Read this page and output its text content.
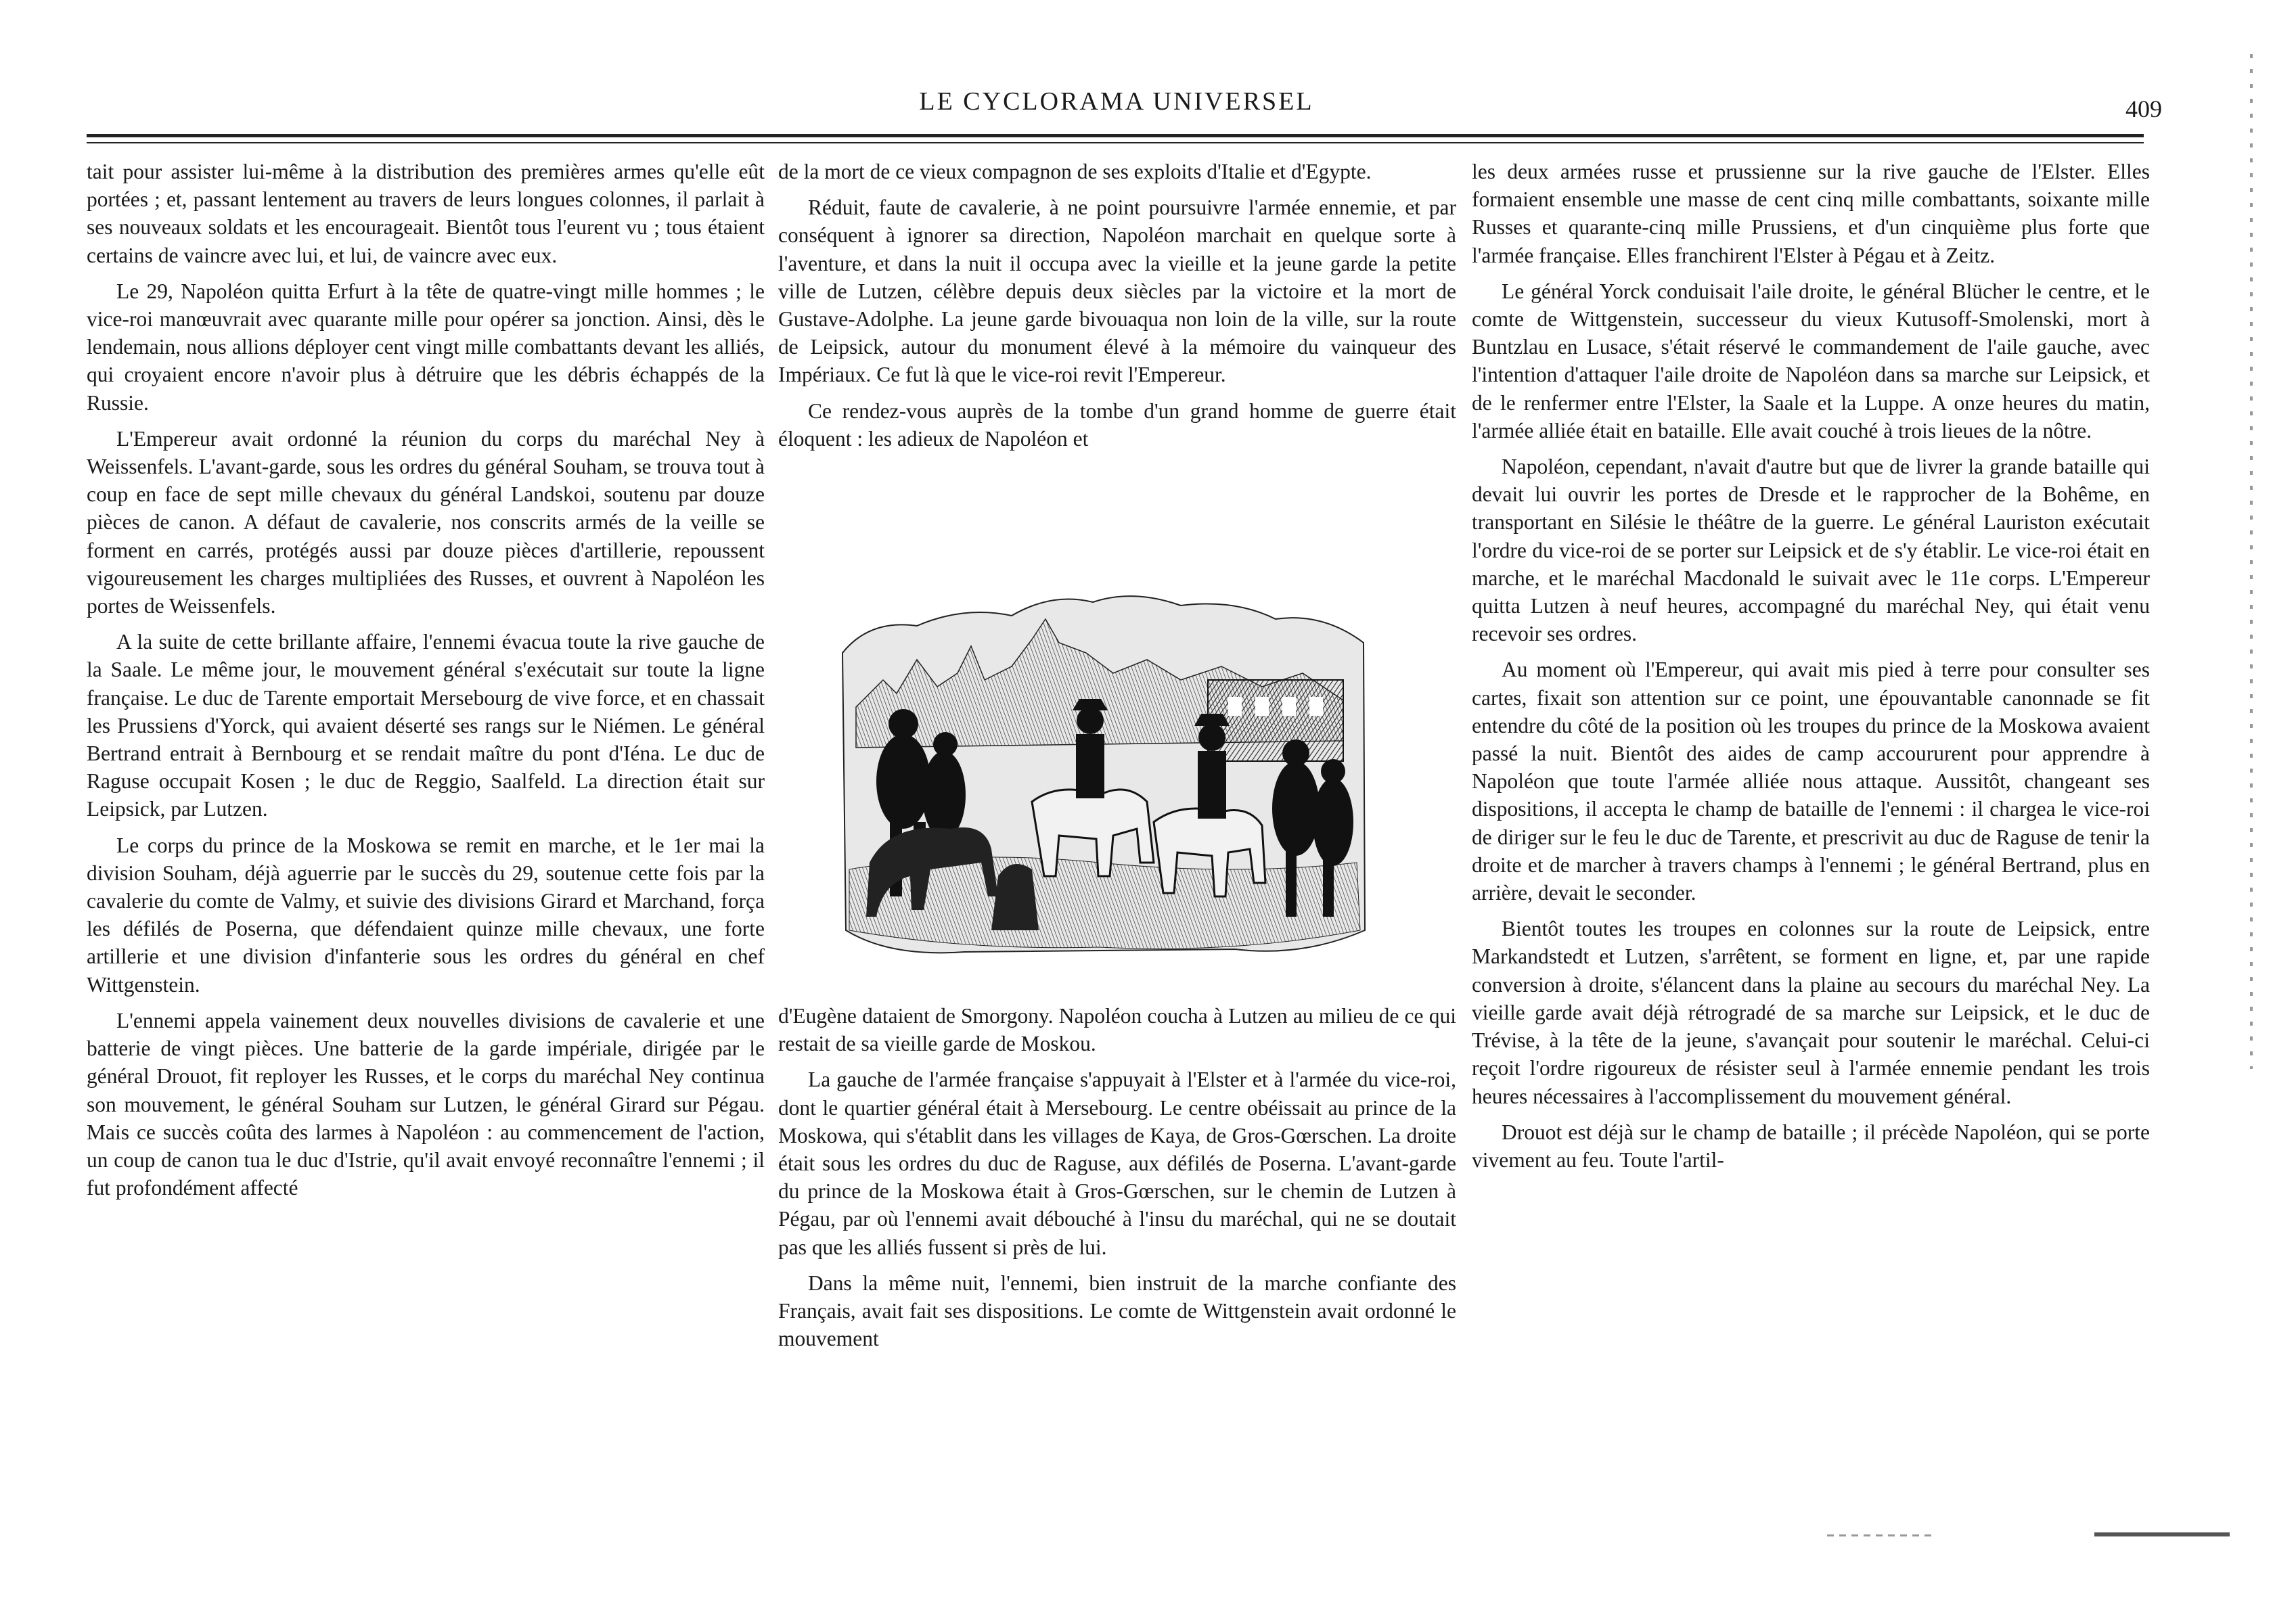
LE CYCLORAMA UNIVERSEL	409

tait pour assister lui-même à la distribution des premières armes qu'elle eût portées ; et, passant lentement au travers de leurs longues colonnes, il parlait à ses nouveaux soldats et les encourageait. Bientôt tous l'eurent vu ; tous étaient certains de vaincre avec lui, et lui, de vaincre avec eux.

Le 29, Napoléon quitta Erfurt à la tête de quatre-vingt mille hommes ; le vice-roi manœuvrait avec quarante mille pour opérer sa jonction. Ainsi, dès le lendemain, nous allions déployer cent vingt mille combattants devant les alliés, qui croyaient encore n'avoir plus à détruire que les débris échappés de la Russie.

L'Empereur avait ordonné la réunion du corps du maréchal Ney à Weissenfels. L'avant-garde, sous les ordres du général Souham, se trouva tout à coup en face de sept mille chevaux du général Landskoi, soutenu par douze pièces de canon. A défaut de cavalerie, nos conscrits armés de la veille se forment en carrés, protégés aussi par douze pièces d'artillerie, repoussent vigoureusement les charges multipliées des Russes, et ouvrent à Napoléon les portes de Weissenfels.

A la suite de cette brillante affaire, l'ennemi évacua toute la rive gauche de la Saale. Le même jour, le mouvement général s'exécutait sur toute la ligne française. Le duc de Tarente emportait Mersebourg de vive force, et en chassait les Prussiens d'Yorck, qui avaient déserté ses rangs sur le Niémen. Le général Bertrand entrait à Bernbourg et se rendait maître du pont d'Iéna. Le duc de Raguse occupait Kosen ; le duc de Reggio, Saalfeld. La direction était sur Leipsick, par Lutzen.

Le corps du prince de la Moskowa se remit en marche, et le 1er mai la division Souham, déjà aguerrie par le succès du 29, soutenue cette fois par la cavalerie du comte de Valmy, et suivie des divisions Girard et Marchand, força les défilés de Poserna, que défendaient quinze mille chevaux, une forte artillerie et une division d'infanterie sous les ordres du général en chef Wittgenstein.

L'ennemi appela vainement deux nouvelles divisions de cavalerie et une batterie de vingt pièces. Une batterie de la garde impériale, dirigée par le général Drouot, fit reployer les Russes, et le corps du maréchal Ney continua son mouvement, le général Souham sur Lutzen, le général Girard sur Pégau. Mais ce succès coûta des larmes à Napoléon : au commencement de l'action, un coup de canon tua le duc d'Istrie, qu'il avait envoyé reconnaître l'ennemi ; il fut profondément affecté

de la mort de ce vieux compagnon de ses exploits d'Italie et d'Egypte.

Réduit, faute de cavalerie, à ne point poursuivre l'armée ennemie, et par conséquent à ignorer sa direction, Napoléon marchait en quelque sorte à l'aventure, et dans la nuit il occupa avec la vieille et la jeune garde la petite ville de Lutzen, célèbre depuis deux siècles par la victoire et la mort de Gustave-Adolphe. La jeune garde bivouaqua non loin de la ville, sur la route de Leipsick, autour du monument élevé à la mémoire du vainqueur des Impériaux. Ce fut là que le vice-roi revit l'Empereur.

Ce rendez-vous auprès de la tombe d'un grand homme de guerre était éloquent : les adieux de Napoléon et

d'Eugène dataient de Smorgony. Napoléon coucha à Lutzen au milieu de ce qui restait de sa vieille garde de Moskou.

La gauche de l'armée française s'appuyait à l'Elster et à l'armée du vice-roi, dont le quartier général était à Mersebourg. Le centre obéissait au prince de la Moskowa, qui s'établit dans les villages de Kaya, de Gros-Gœrschen. La droite était sous les ordres du duc de Raguse, aux défilés de Poserna. L'avant-garde du prince de la Moskowa était à Gros-Gœrschen, sur le chemin de Lutzen à Pégau, par où l'ennemi avait débouché à l'insu du maréchal, qui ne se doutait pas que les alliés fussent si près de lui.

Dans la même nuit, l'ennemi, bien instruit de la marche confiante des Français, avait fait ses dispositions. Le comte de Wittgenstein avait ordonné le mouvement

les deux armées russe et prussienne sur la rive gauche de l'Elster. Elles formaient ensemble une masse de cent cinq mille combattants, soixante mille Russes et quarante-cinq mille Prussiens, et d'un cinquième plus forte que l'armée française. Elles franchirent l'Elster à Pégau et à Zeitz.

Le général Yorck conduisait l'aile droite, le général Blücher le centre, et le comte de Wittgenstein, successeur du vieux Kutusoff-Smolenski, mort à Buntzlau en Lusace, s'était réservé le commandement de l'aile gauche, avec l'intention d'attaquer l'aile droite de Napoléon dans sa marche sur Leipsick, et de le renfermer entre l'Elster, la Saale et la Luppe. A onze heures du matin, l'armée alliée était en bataille. Elle avait couché à trois lieues de la nôtre.

Napoléon, cependant, n'avait d'autre but que de livrer la grande bataille qui devait lui ouvrir les portes de Dresde et le rapprocher de la Bohême, en transportant en Silésie le théâtre de la guerre. Le général Lauriston exécutait l'ordre du vice-roi de se porter sur Leipsick et de s'y établir. Le vice-roi était en marche, et le maréchal Macdonald le suivait avec le 11e corps. L'Empereur quitta Lutzen à neuf heures, accompagné du maréchal Ney, qui était venu recevoir ses ordres.

Au moment où l'Empereur, qui avait mis pied à terre pour consulter ses cartes, fixait son attention sur ce point, une épouvantable canonnade se fit entendre du côté de la position où les troupes du prince de la Moskowa avaient passé la nuit. Bientôt des aides de camp accoururent pour apprendre à Napoléon que toute l'armée alliée nous attaque. Aussitôt, changeant ses dispositions, il accepta le champ de bataille de l'ennemi : il chargea le vice-roi de diriger sur le feu le duc de Tarente, et prescrivit au duc de Raguse de tenir la droite et de marcher à travers champs à l'ennemi ; le général Bertrand, plus en arrière, devait le seconder.

Bientôt toutes les troupes en colonnes sur la route de Leipsick, entre Markandstedt et Lutzen, s'arrêtent, se forment en ligne, et, par une rapide conversion à droite, s'élancent dans la plaine au secours du maréchal Ney. La vieille garde avait déjà rétrogradé de sa marche sur Leipsick, et le duc de Trévise, à la tête de la jeune, s'avançait pour soutenir le maréchal. Celui-ci reçoit l'ordre rigoureux de résister seul à l'armée ennemie pendant les trois heures nécessaires à l'accomplissement du mouvement général.

Drouot est déjà sur le champ de bataille ; il précède Napoléon, qui se porte vivement au feu. Toute l'artil-
